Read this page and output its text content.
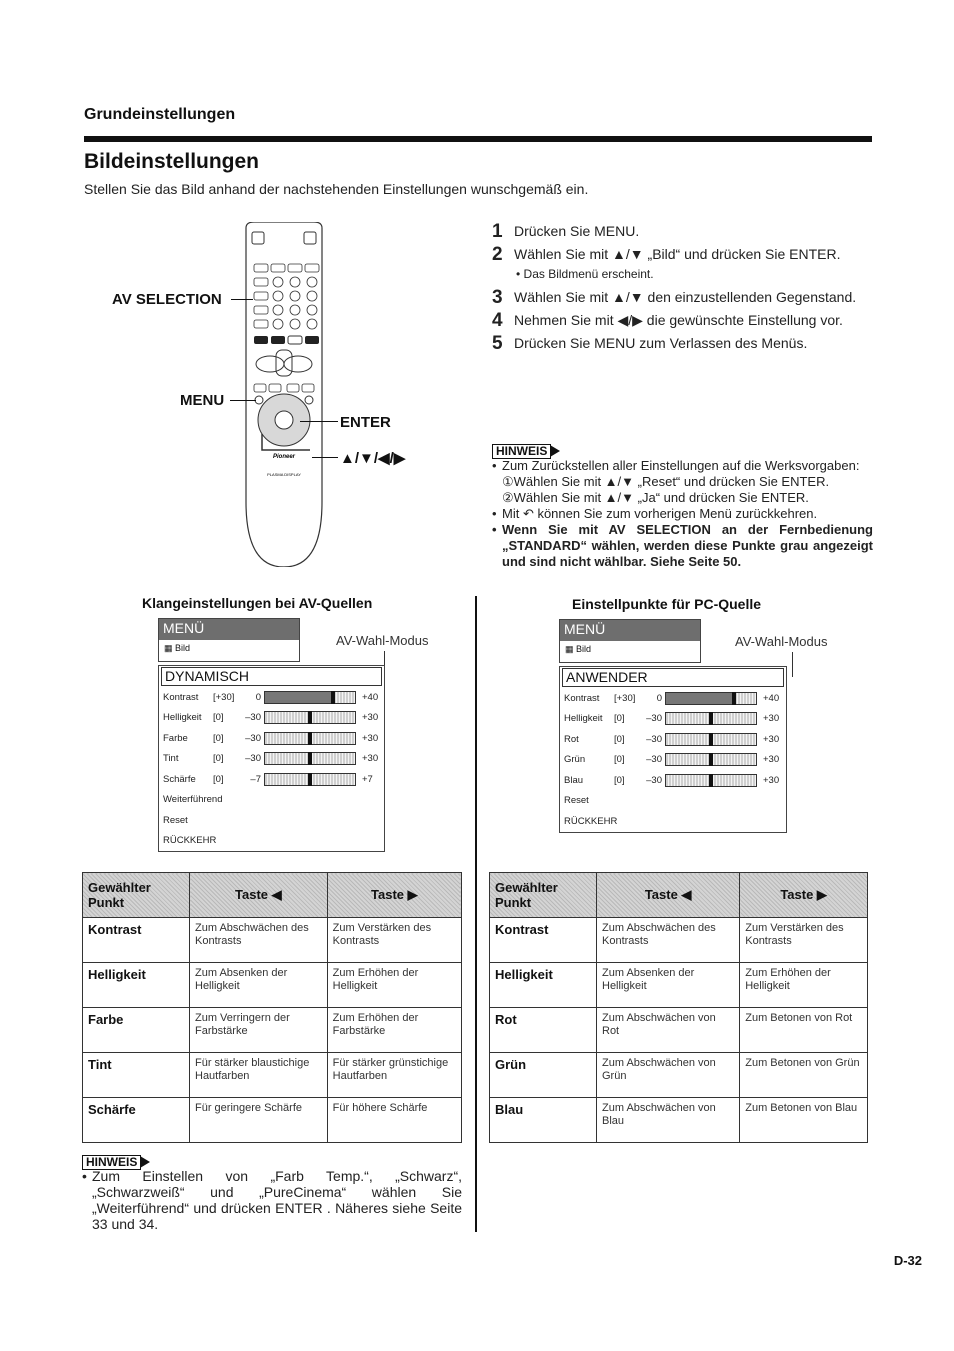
Grundeinstellungen
Bildeinstellungen
Stellen Sie das Bild anhand der nachstehenden Einstellungen wunschgemäß ein.
Pioneer
PLASMA DISPLAY
AV SELECTION
MENU
ENTER
▲/▼/◀/▶
1 Drücken Sie MENU.
2 Wählen Sie mit ▲/▼ „Bild“ und drücken Sie ENTER.
• Das Bildmenü erscheint.
3 Wählen Sie mit ▲/▼ den einzustellenden Gegenstand.
4 Nehmen Sie mit ◀/▶ die gewünschte Einstellung vor.
5 Drücken Sie MENU zum Verlassen des Menüs.
HINWEIS
• Zum Zurückstellen aller Einstellungen auf die Werksvorgaben:
①Wählen Sie mit ▲/▼ „Reset“ und drücken Sie ENTER.
②Wählen Sie mit ▲/▼ „Ja“ und drücken Sie ENTER.
• Mit ↶ können Sie zum vorherigen Menü zurückkehren.
• Wenn Sie mit AV SELECTION an der Fernbedienung „STANDARD“ wählen, werden diese Punkte grau angezeigt und sind nicht wählbar. Siehe Seite 50.
Klangeinstellungen bei AV-Quellen
MENÜ
▦ Bild	AV-Wahl-Modus
DYNAMISCH
Kontrast	[+30]	0	+40
Helligkeit	[0]	–30	+30
Farbe	[0]	–30	+30
Tint	[0]	–30	+30
Schärfe	[0]	–7	+7
Weiterführend
Reset
RÜCKKEHR
Einstellpunkte für PC-Quelle
MENÜ
▦ Bild	AV-Wahl-Modus
ANWENDER
Kontrast	[+30]	0	+40
Helligkeit	[0]	–30	+30
Rot	[0]	–30	+30
Grün	[0]	–30	+30
Blau	[0]	–30	+30
Reset
RÜCKKEHR
Gewählter Punkt	Taste ◀	Taste ▶
Kontrast	Zum Abschwächen des Kontrasts	Zum Verstärken des Kontrasts
Helligkeit	Zum Absenken der Helligkeit	Zum Erhöhen der Helligkeit
Farbe	Zum Verringern der Farbstärke	Zum Erhöhen der Farbstärke
Tint	Für stärker blaustichige Hautfarben	Für stärker grünstichige Hautfarben
Schärfe	Für geringere Schärfe	Für höhere Schärfe
Gewählter Punkt	Taste ◀	Taste ▶
Kontrast	Zum Abschwächen des Kontrasts	Zum Verstärken des Kontrasts
Helligkeit	Zum Absenken der Helligkeit	Zum Erhöhen der Helligkeit
Rot	Zum Abschwächen von Rot	Zum Betonen von Rot
Grün	Zum Abschwächen von Grün	Zum Betonen von Grün
Blau	Zum Abschwächen von Blau	Zum Betonen von Blau
HINWEIS
• Zum Einstellen von „Farb Temp.“, „Schwarz“, „Schwarzweiß“ und „PureCinema“ wählen Sie „Weiterführend“ und drücken ENTER . Näheres siehe Seite 33 und 34.
D-32
